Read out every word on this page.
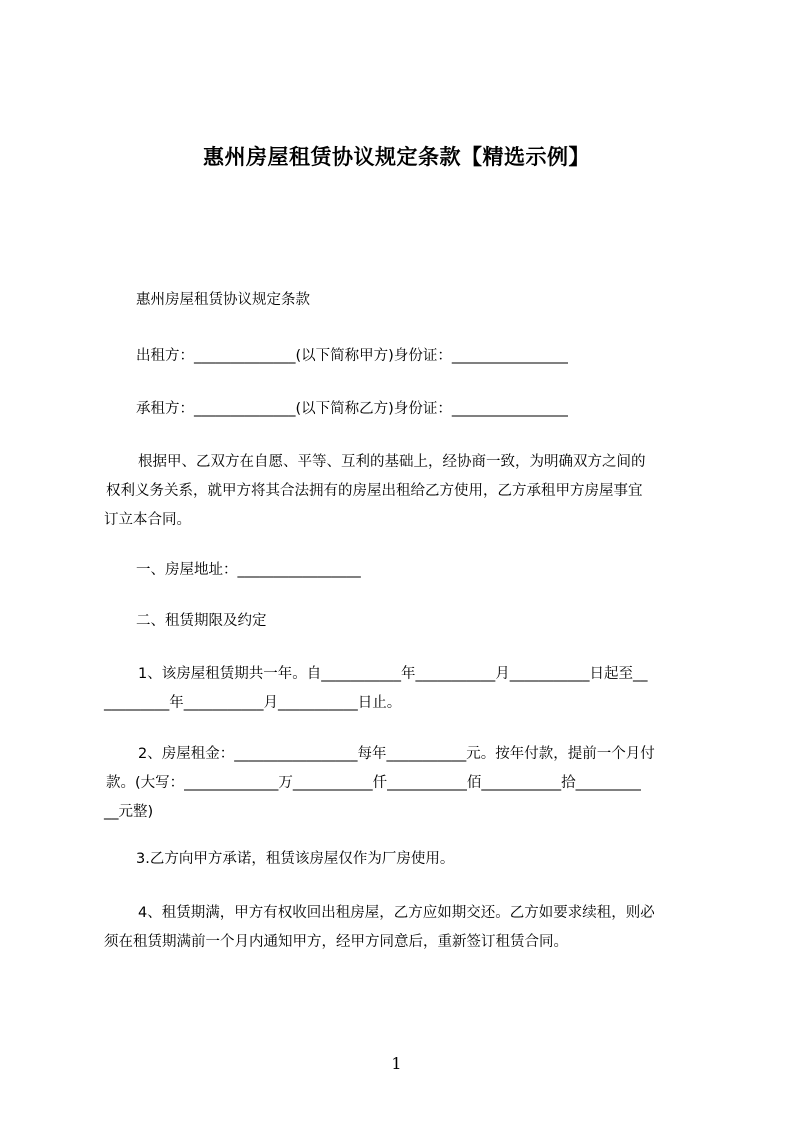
惠州房屋租赁协议规定条款【精选示例】
惠州房屋租赁协议规定条款
出租方：______________(以下简称甲方)身份证：________________
承租方：______________(以下简称乙方)身份证：________________
根据甲、乙双方在自愿、平等、互利的基础上，经协商一致，为明确双方之间的
权利义务关系，就甲方将其合法拥有的房屋出租给乙方使用，乙方承租甲方房屋事宜
订立本合同。
一、房屋地址：_________________
二、租赁期限及约定
1、该房屋租赁期共一年。自___________年___________月___________日起至__
_________年___________月___________日止。
2、房屋租金：_________________每年___________元。按年付款，提前一个月付
款。(大写：_____________万___________仟___________佰___________拾_________
__元整)
3.乙方向甲方承诺，租赁该房屋仅作为厂房使用。
4、租赁期满，甲方有权收回出租房屋，乙方应如期交还。乙方如要求续租，则必
须在租赁期满前一个月内通知甲方，经甲方同意后，重新签订租赁合同。
1
